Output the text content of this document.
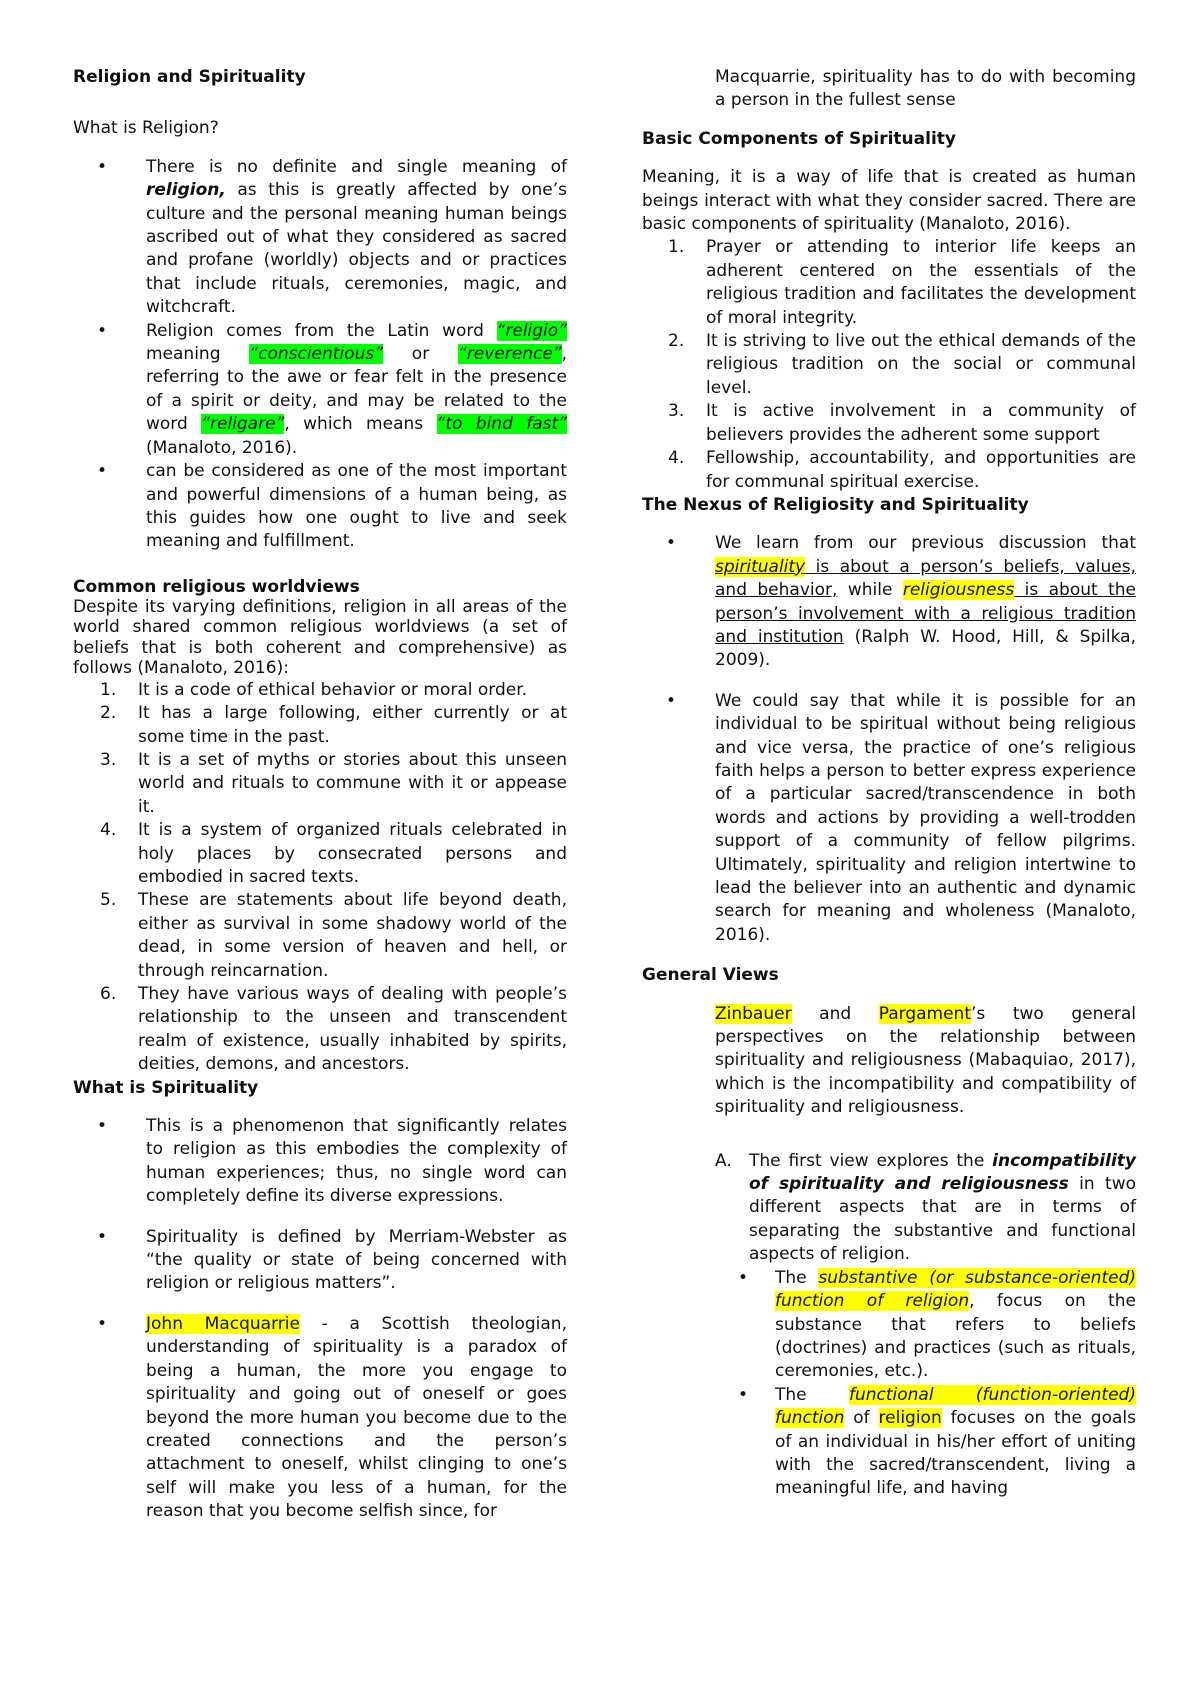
Religion and Spirituality

What is Religion?

• There is no definite and single meaning of religion, as this is greatly affected by one’s culture and the personal meaning human beings ascribed out of what they considered as sacred and profane (worldly) objects and or practices that include rituals, ceremonies, magic, and witchcraft.
• Religion comes from the Latin word “religio” meaning “conscientious” or “reverence”, referring to the awe or fear felt in the presence of a spirit or deity, and may be related to the word “religare”, which means “to bind fast” (Manaloto, 2016).
• can be considered as one of the most important and powerful dimensions of a human being, as this guides how one ought to live and seek meaning and fulfillment.

Common religious worldviews

Despite its varying definitions, religion in all areas of the world shared common religious worldviews (a set of beliefs that is both coherent and comprehensive) as follows (Manaloto, 2016):

1. It is a code of ethical behavior or moral order.
2. It has a large following, either currently or at some time in the past.
3. It is a set of myths or stories about this unseen world and rituals to commune with it or appease it.
4. It is a system of organized rituals celebrated in holy places by consecrated persons and embodied in sacred texts.
5. These are statements about life beyond death, either as survival in some shadowy world of the dead, in some version of heaven and hell, or through reincarnation.
6. They have various ways of dealing with people’s relationship to the unseen and transcendent realm of existence, usually inhabited by spirits, deities, demons, and ancestors.

What is Spirituality

• This is a phenomenon that significantly relates to religion as this embodies the complexity of human experiences; thus, no single word can completely define its diverse expressions.
• Spirituality is defined by Merriam-Webster as “the quality or state of being concerned with religion or religious matters”.
• John Macquarrie - a Scottish theologian, understanding of spirituality is a paradox of being a human, the more you engage to spirituality and going out of oneself or goes beyond the more human you become due to the created connections and the person’s attachment to oneself, whilst clinging to one’s self will make you less of a human, for the reason that you become selfish since, for

Macquarrie, spirituality has to do with becoming a person in the fullest sense

Basic Components of Spirituality

Meaning, it is a way of life that is created as human beings interact with what they consider sacred. There are basic components of spirituality (Manaloto, 2016).

1. Prayer or attending to interior life keeps an adherent centered on the essentials of the religious tradition and facilitates the development of moral integrity.
2. It is striving to live out the ethical demands of the religious tradition on the social or communal level.
3. It is active involvement in a community of believers provides the adherent some support
4. Fellowship, accountability, and opportunities are for communal spiritual exercise.

The Nexus of Religiosity and Spirituality

• We learn from our previous discussion that spirituality is about a person’s beliefs, values, and behavior, while religiousness is about the person’s involvement with a religious tradition and institution (Ralph W. Hood, Hill, & Spilka, 2009).
• We could say that while it is possible for an individual to be spiritual without being religious and vice versa, the practice of one’s religious faith helps a person to better express experience of a particular sacred/transcendence in both words and actions by providing a well-trodden support of a community of fellow pilgrims. Ultimately, spirituality and religion intertwine to lead the believer into an authentic and dynamic search for meaning and wholeness (Manaloto, 2016).

General Views

Zinbauer and Pargament’s two general perspectives on the relationship between spirituality and religiousness (Mabaquiao, 2017), which is the incompatibility and compatibility of spirituality and religiousness.

A. The first view explores the incompatibility of spirituality and religiousness in two different aspects that are in terms of separating the substantive and functional aspects of religion.
• The substantive (or substance-oriented) function of religion, focus on the substance that refers to beliefs (doctrines) and practices (such as rituals, ceremonies, etc.).
• The functional (function-oriented) function of religion focuses on the goals of an individual in his/her effort of uniting with the sacred/transcendent, living a meaningful life, and having
